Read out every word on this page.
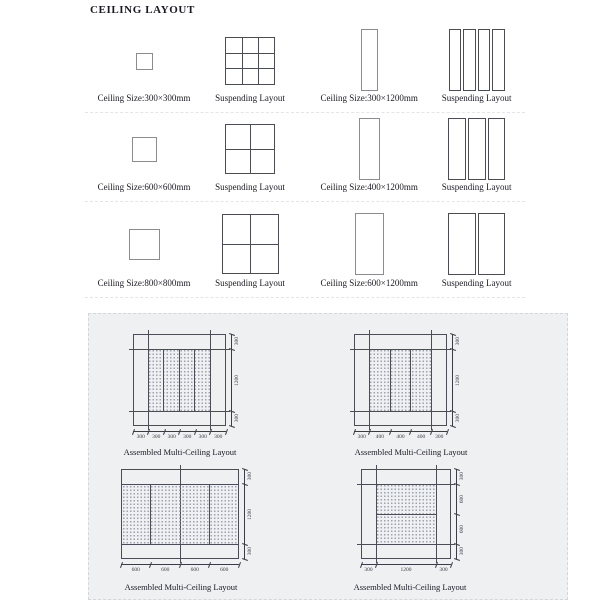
CEILING LAYOUT
Ceiling Size:300×300mm	Suspending Layout	Ceiling Size:300×1200mm	Suspending Layout
Ceiling Size:600×600mm	Suspending Layout	Ceiling Size:400×1200mm	Suspending Layout
Ceiling Size:800×800mm	Suspending Layout	Ceiling Size:600×1200mm	Suspending Layout
300
1200
300
300	300	300	300	300	300
Assembled Multi-Ceiling Layout
300
1200
300
300	400	400	400	300
Assembled Multi-Ceiling Layout
300
1200
300
600	600	600	600
Assembled Multi-Ceiling Layout
300
600
600
300
300	1200	300
Assembled Multi-Ceiling Layout
